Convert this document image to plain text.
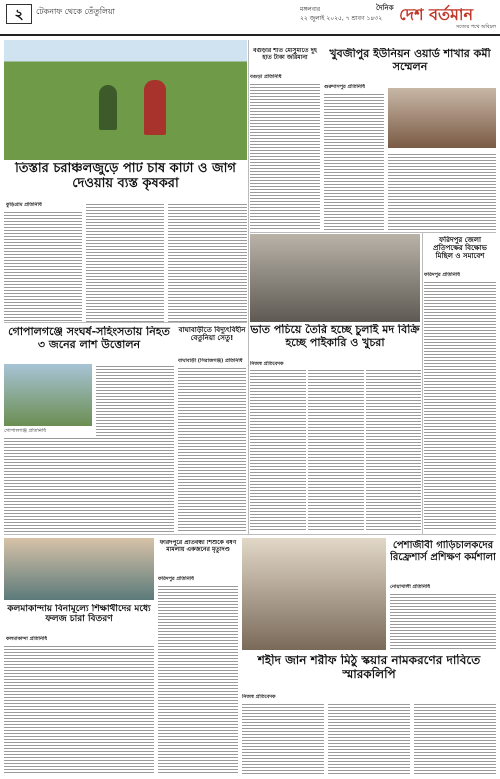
২	টেকনাফ থেকে তেঁতুলিয়া	মঙ্গলবার
২২ জুলাই ২০২৫, ৭ শ্রাবণ ১৪৩২
$^{দৈনিক}$ দেশ বর্তমান
সত্যের পথে অবিচল
তিস্তার চরাঞ্চলজুড়ে পাট চাষ কাটা ও জাগ দেওয়ায় ব্যস্ত কৃষকরা
কুড়িগ্রাম প্রতিনিধি
বগুড়ার শীত মৌসুমীতে দুই হাত টাকা জরিমানা
বগুড়া প্রতিনিধি
খুবজীপুর ইউনিয়ন ওয়ার্ড শাখার কর্মী সম্মেলন
গুরুদাসপুর প্রতিনিধি
ভাত পচিয়ে তৈরি হচ্ছে চুলাই মদ বিক্রি হচ্ছে পাইকারি ও খুচরা
নিজস্ব প্রতিবেদক
ফরিদপুর জেলা প্রতিপক্ষের বিক্ষোভ মিছিল ও সমাবেশ
ফরিদপুর প্রতিনিধি
গোপালগঞ্জে সংঘর্ষ-সহিংসতায় নিহত ৩ জনের লাশ উত্তোলন
গোপালগঞ্জ প্রতিনিধি
বাঘাবাড়ীতে বিদ্যুৎবিহীন বেতুনিয়া সেতু!
বাঘাবাড়ী (সিরাজগঞ্জ) প্রতিনিধি
কলমাকান্দায় বিনামূল্যে শিক্ষার্থীদের মধ্যে ফলজ চারা বিতরণ
কলমাকান্দা প্রতিনিধি
ফরিদপুরে প্রতিবন্ধী শিশুকে বর্ষণ মামলায় একজনের মৃত্যুদণ্ড
ফরিদপুর প্রতিনিধি
শহীদ জান শরীফ মিঠু স্কয়ার নামকরণের দাবিতে স্মারকলিপি
নিজস্ব প্রতিবেদক
পেশাজীবী গাড়িচালকদের রিফ্রেশার্স প্রশিক্ষণ কর্মশালা
নোয়াখালী প্রতিনিধি
